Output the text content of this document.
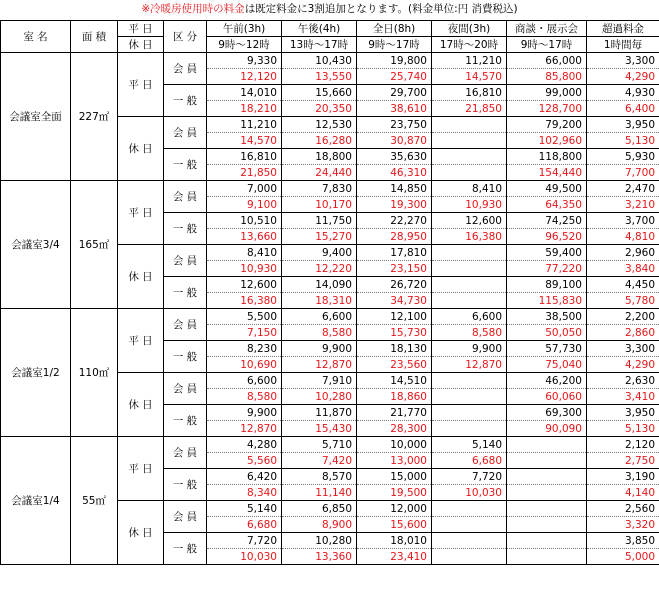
※冷暖房使用時の料金は既定料金に3割追加となります。(料金単位:円 消費税込)
室 名	面 積	平 日	区 分	午前(3h)	午後(4h)	全日(8h)	夜間(3h)	商談・展示会	超過料金
		休 日		9時～12時	13時～17時	9時～17時	17時～20時	9時～17時	1時間毎
会議室全面	227㎡	平 日	会 員	9,330	10,430	19,800	11,210	66,000	3,300
				12,120	13,550	25,740	14,570	85,800	4,290
			一 般	14,010	15,660	29,700	16,810	99,000	4,930
				18,210	20,350	38,610	21,850	128,700	6,400
		休 日	会 員	11,210	12,530	23,750		79,200	3,950
				14,570	16,280	30,870		102,960	5,130
			一 般	16,810	18,800	35,630		118,800	5,930
				21,850	24,440	46,310		154,440	7,700
会議室3/4	165㎡	平 日	会 員	7,000	7,830	14,850	8,410	49,500	2,470
				9,100	10,170	19,300	10,930	64,350	3,210
			一 般	10,510	11,750	22,270	12,600	74,250	3,700
				13,660	15,270	28,950	16,380	96,520	4,810
		休 日	会 員	8,410	9,400	17,810		59,400	2,960
				10,930	12,220	23,150		77,220	3,840
			一 般	12,600	14,090	26,720		89,100	4,450
				16,380	18,310	34,730		115,830	5,780
会議室1/2	110㎡	平 日	会 員	5,500	6,600	12,100	6,600	38,500	2,200
				7,150	8,580	15,730	8,580	50,050	2,860
			一 般	8,230	9,900	18,130	9,900	57,730	3,300
				10,690	12,870	23,560	12,870	75,040	4,290
		休 日	会 員	6,600	7,910	14,510		46,200	2,630
				8,580	10,280	18,860		60,060	3,410
			一 般	9,900	11,870	21,770		69,300	3,950
				12,870	15,430	28,300		90,090	5,130
会議室1/4	55㎡	平 日	会 員	4,280	5,710	10,000	5,140		2,120
				5,560	7,420	13,000	6,680		2,750
			一 般	6,420	8,570	15,000	7,720		3,190
				8,340	11,140	19,500	10,030		4,140
		休 日	会 員	5,140	6,850	12,000			2,560
				6,680	8,900	15,600			3,320
			一 般	7,720	10,280	18,010			3,850
				10,030	13,360	23,410			5,000
